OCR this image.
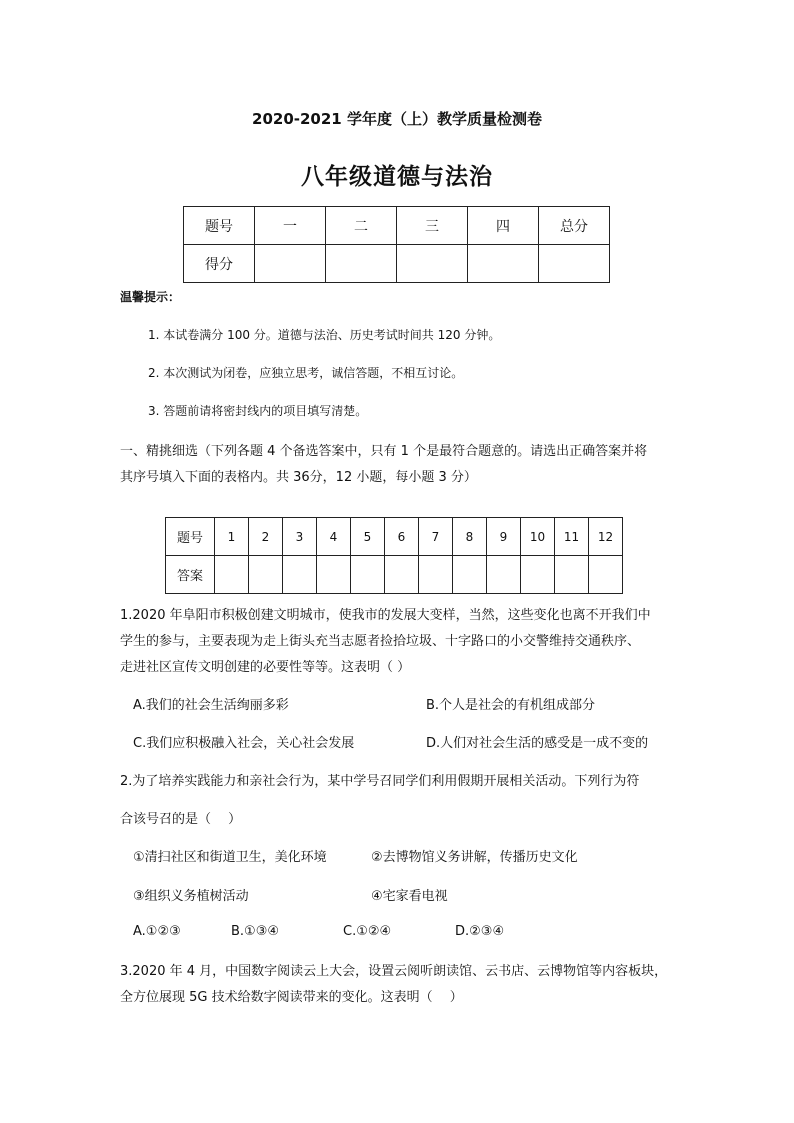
2020-2021 学年度（上）教学质量检测卷
八年级道德与法治
题号	一	二	三	四	总分
得分					
温馨提示：
1. 本试卷满分 100 分。道德与法治、历史考试时间共 120 分钟。
2. 本次测试为闭卷，应独立思考，诚信答题，不相互讨论。
3. 答题前请将密封线内的项目填写清楚。
一、精挑细选（下列各题 4 个备选答案中，只有 1 个是最符合题意的。请选出正确答案并将
其序号填入下面的表格内。共 36分，12 小题，每小题 3 分）
题号	1	2	3	4	5	6	7	8	9	10	11	12
答案												
1.2020 年阜阳市积极创建文明城市，使我市的发展大变样，当然，这些变化也离不开我们中
学生的参与，主要表现为走上街头充当志愿者捡拾垃圾、十字路口的小交警维持交通秩序、
走进社区宣传文明创建的必要性等等。这表明（ ）
A.我们的社会生活绚丽多彩	B.个人是社会的有机组成部分
C.我们应积极融入社会，关心社会发展	D.人们对社会生活的感受是一成不变的
2.为了培养实践能力和亲社会行为，某中学号召同学们利用假期开展相关活动。下列行为符
合该号召的是（　 ）
①清扫社区和街道卫生，美化环境	②去博物馆义务讲解，传播历史文化
③组织义务植树活动	④宅家看电视
A.①②③	B.①③④	C.①②④	D.②③④
3.2020 年 4 月，中国数字阅读云上大会，设置云阅听朗读馆、云书店、云博物馆等内容板块，
全方位展现 5G 技术给数字阅读带来的变化。这表明（　 ）
